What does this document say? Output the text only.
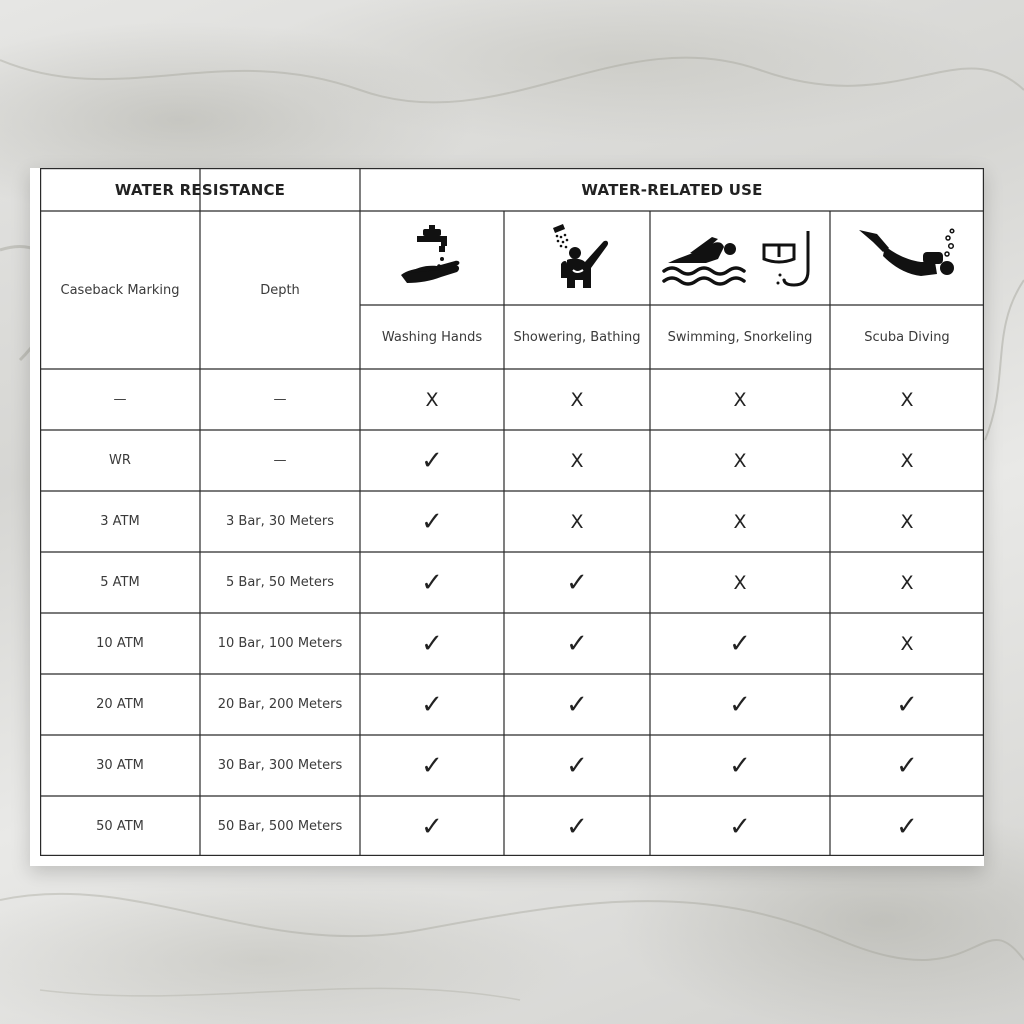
WATER RESISTANCE	WATER-RELATED USE
Caseback Marking	Depth
Washing Hands	Showering, Bathing	Swimming, Snorkeling	Scuba Diving
—	—	X	X	X	X
WR	—	✓	X	X	X
3 ATM	3 Bar, 30 Meters	✓	X	X	X
5 ATM	5 Bar, 50 Meters	✓	✓	X	X
10 ATM	10 Bar, 100 Meters	✓	✓	✓	X
20 ATM	20 Bar, 200 Meters	✓	✓	✓	✓
30 ATM	30 Bar, 300 Meters	✓	✓	✓	✓
50 ATM	50 Bar, 500 Meters	✓	✓	✓	✓
